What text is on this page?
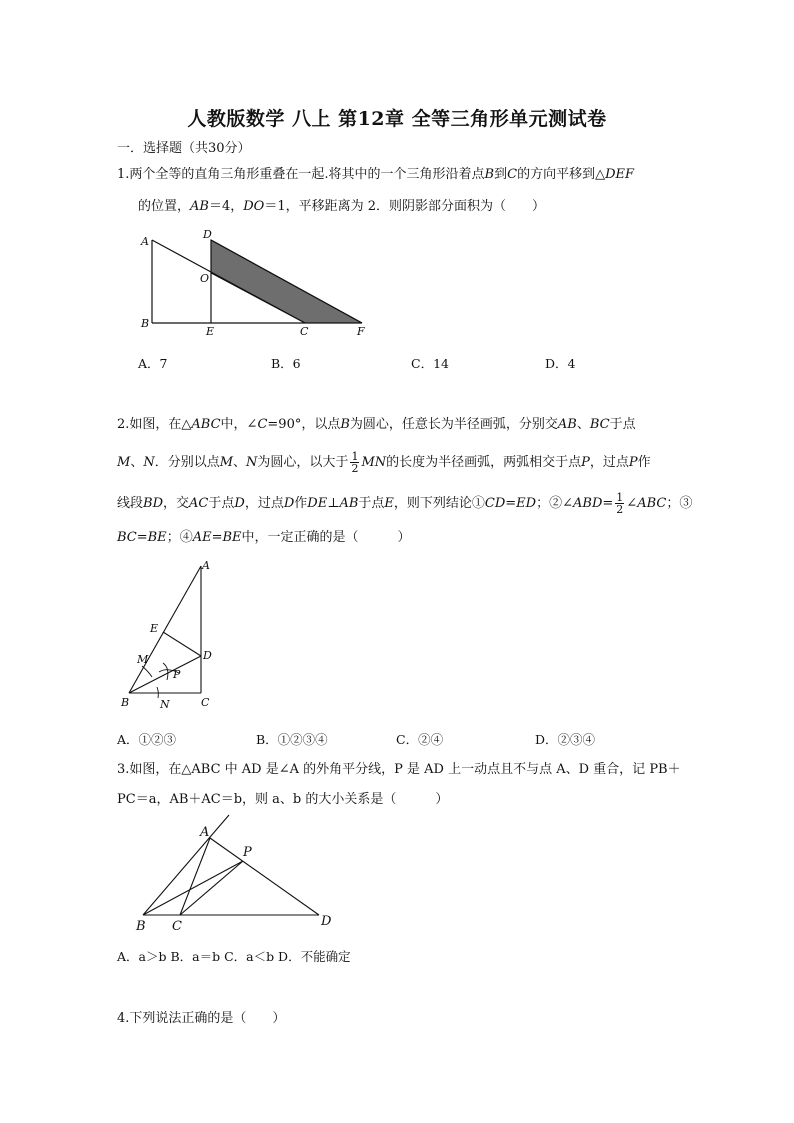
人教版数学 八上 第12章 全等三角形单元测试卷
一．选择题（共30分）
1.两个全等的直角三角形重叠在一起.将其中的一个三角形沿着点B到C的方向平移到△DEF
的位置，AB＝4，DO＝1，平移距离为 2．则阴影部分面积为（　　）
A
D
O
B
E	C	F
A．7	B．6	C．14	D．4
2.如图，在△ABC中，∠C=90°，以点B为圆心，任意长为半径画弧，分别交AB、BC于点
M、N．分别以点M、N为圆心，以大于 $\frac{1}{2}$ MN的长度为半径画弧，两弧相交于点P，过点P作
线段BD，交AC于点D，过点D作DE⊥AB于点E，则下列结论①CD=ED；②∠ABD= $\frac{1}{2}$ ∠ABC；③
BC=BE；④AE=BE中，一定正确的是（　　　）
A
E
M	D
P
B	N	C
A．①②③	B．①②③④	C．②④	D．②③④
3.如图，在△ABC 中 AD 是∠A 的外角平分线，P 是 AD 上一动点且不与点 A、D 重合，记 PB＋
PC＝a，AB＋AC＝b，则 a、b 的大小关系是（　　　）
A
P
B C	D
A．a＞b B．a＝b C．a＜b D．不能确定
4.下列说法正确的是（　　）
